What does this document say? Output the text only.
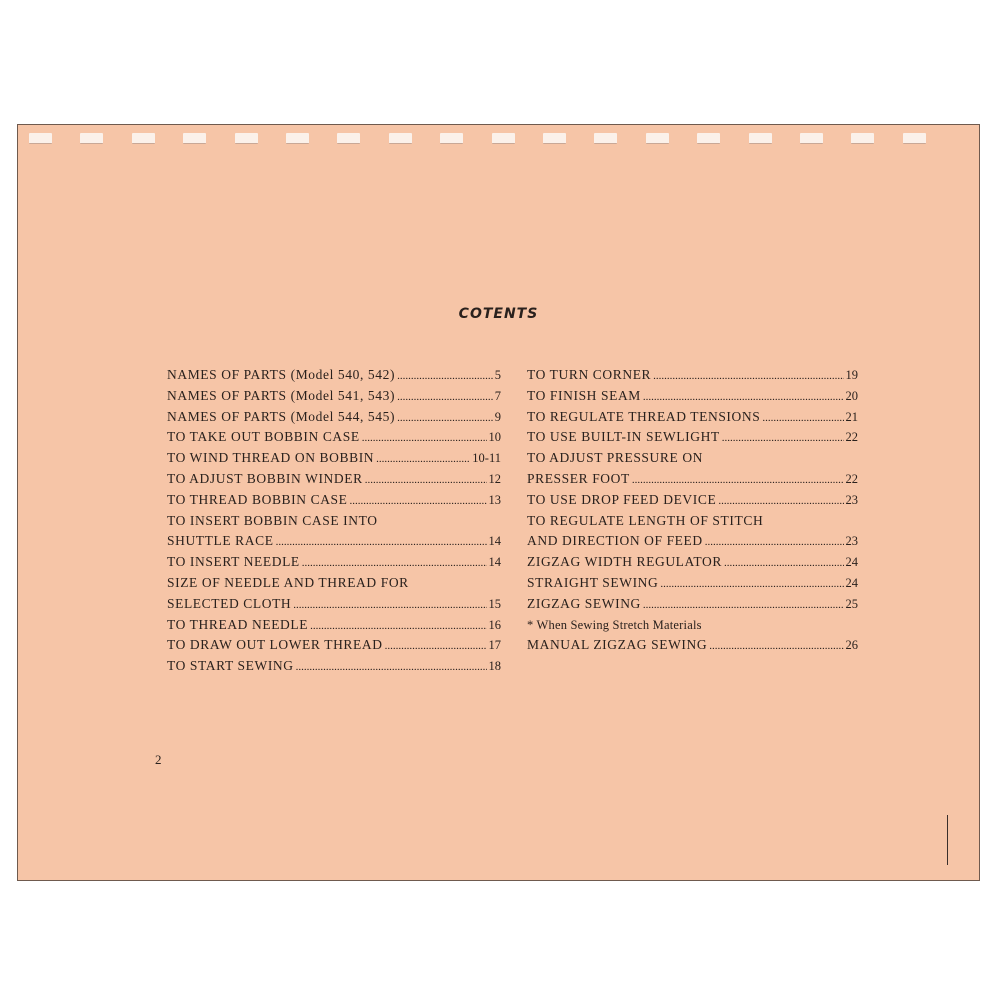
COTENTS
NAMES OF PARTS (Model 540, 542) .....	5
NAMES OF PARTS (Model 541, 543) .....	7
NAMES OF PARTS (Model 544, 545) .....	9
TO TAKE OUT BOBBIN CASE .....	10
TO WIND THREAD ON BOBBIN .....	10-11
TO ADJUST BOBBIN WINDER .....	12
TO THREAD BOBBIN CASE .....	13
TO INSERT BOBBIN CASE INTO
SHUTTLE RACE .....	14
TO INSERT NEEDLE .....	14
SIZE OF NEEDLE AND THREAD FOR
SELECTED CLOTH .....	15
TO THREAD NEEDLE .....	16
TO DRAW OUT LOWER THREAD .....	17
TO START SEWING .....	18
TO TURN CORNER .....	19
TO FINISH SEAM .....	20
TO REGULATE THREAD TENSIONS .....	21
TO USE BUILT-IN SEWLIGHT .....	22
TO ADJUST PRESSURE ON
PRESSER FOOT .....	22
TO USE DROP FEED DEVICE .....	23
TO REGULATE LENGTH OF STITCH
AND DIRECTION OF FEED .....	23
ZIGZAG WIDTH REGULATOR .....	24
STRAIGHT SEWING .....	24
ZIGZAG SEWING .....	25
* When Sewing Stretch Materials
MANUAL ZIGZAG SEWING .....	26
2
